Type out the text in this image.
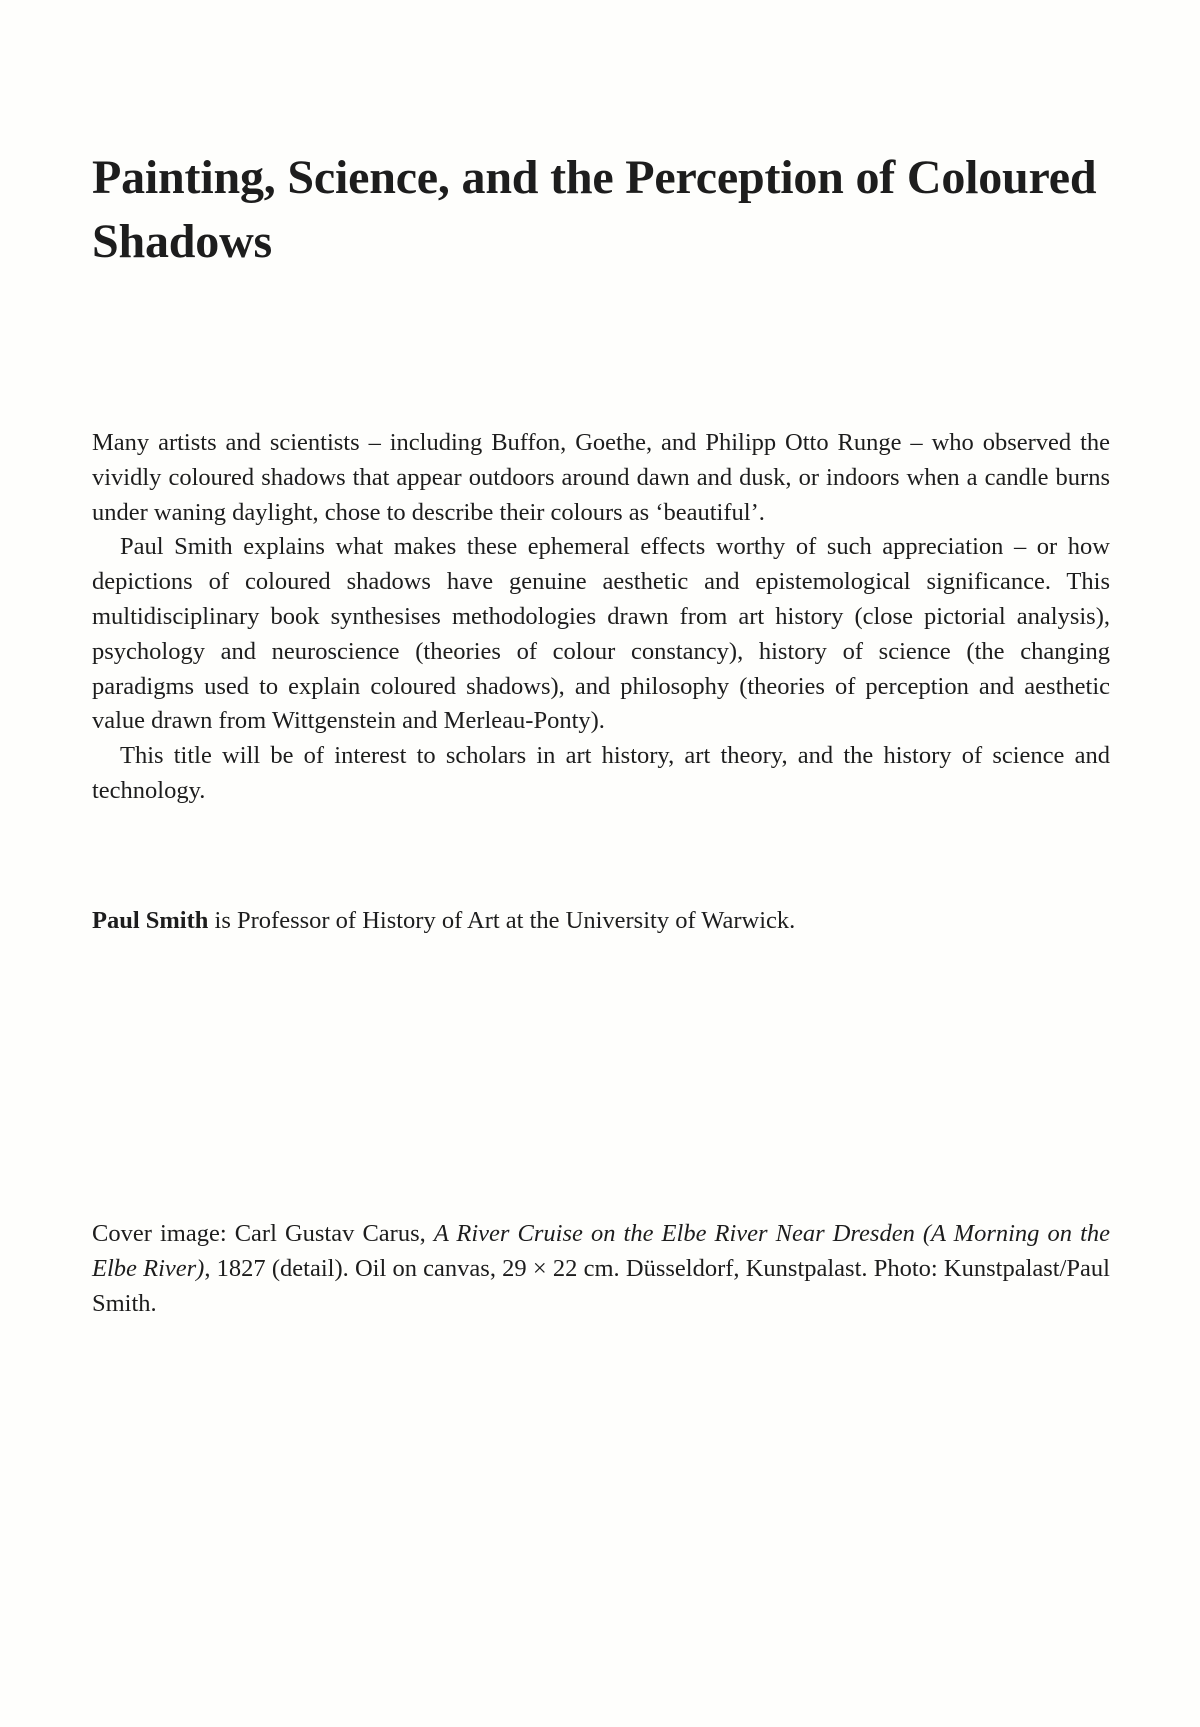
Painting, Science, and the Perception of Coloured Shadows

Many artists and scientists – including Buffon, Goethe, and Philipp Otto Runge – who observed the vividly coloured shadows that appear outdoors around dawn and dusk, or indoors when a candle burns under waning daylight, chose to describe their colours as ‘beautiful’.

Paul Smith explains what makes these ephemeral effects worthy of such appreciation – or how depictions of coloured shadows have genuine aesthetic and epistemological significance. This multidisciplinary book synthesises methodologies drawn from art history (close pictorial analysis), psychology and neuroscience (theories of colour constancy), history of science (the changing paradigms used to explain coloured shadows), and philosophy (theories of perception and aesthetic value drawn from Wittgenstein and Merleau-Ponty).

This title will be of interest to scholars in art history, art theory, and the history of science and technology.

Paul Smith is Professor of History of Art at the University of Warwick.

Cover image: Carl Gustav Carus, A River Cruise on the Elbe River Near Dresden (A Morning on the Elbe River), 1827 (detail). Oil on canvas, 29 × 22 cm. Düsseldorf, Kunstpalast. Photo: Kunstpalast/Paul Smith.
